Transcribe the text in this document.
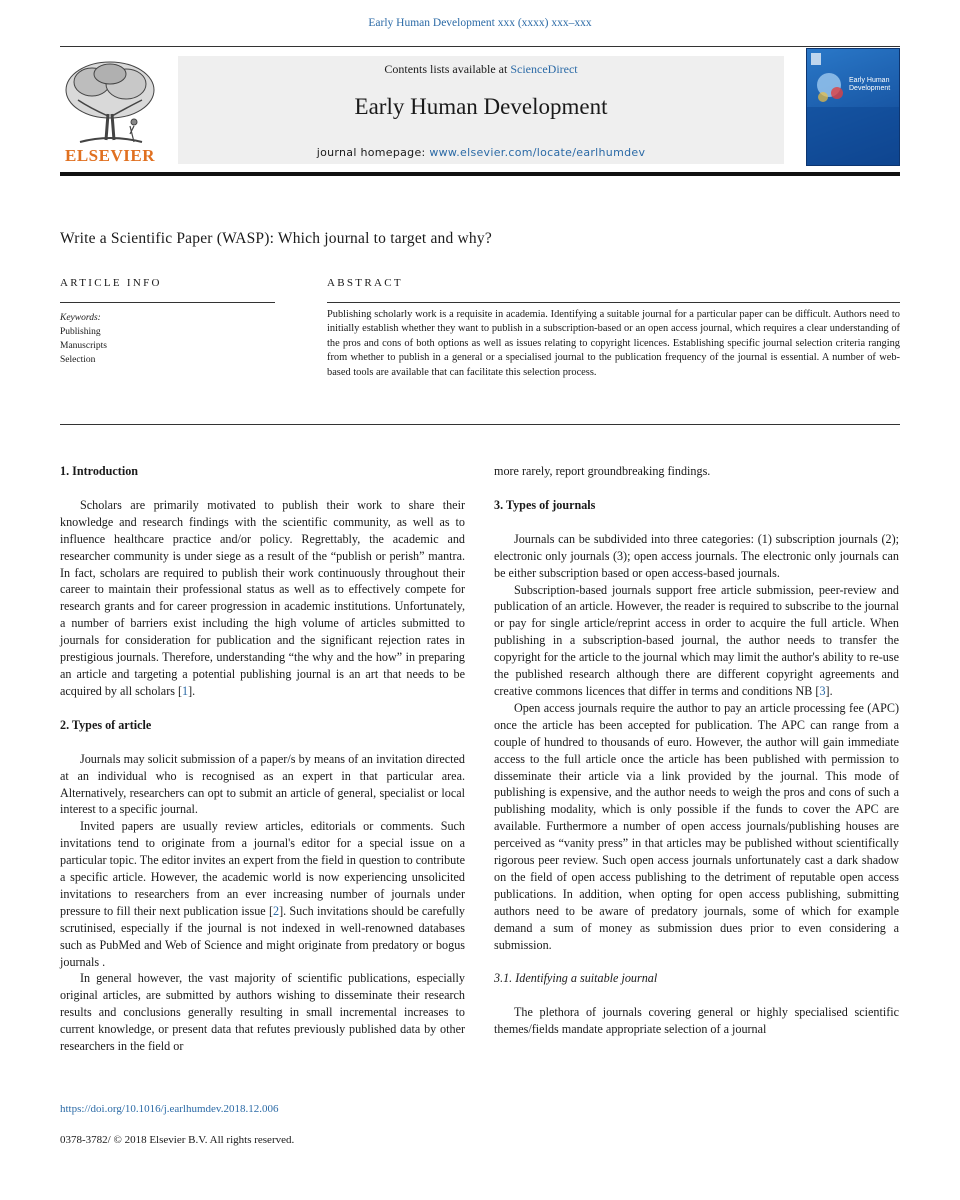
Early Human Development xxx (xxxx) xxx–xxx
ELSEVIER
Contents lists available at ScienceDirect
Early Human Development
journal homepage: www.elsevier.com/locate/earlhumdev
Early Human Development
Write a Scientific Paper (WASP): Which journal to target and why?
ARTICLE INFO	ABSTRACT
Keywords:
Publishing
Manuscripts
Selection
Publishing scholarly work is a requisite in academia. Identifying a suitable journal for a particular paper can be difficult. Authors need to initially establish whether they want to publish in a subscription-based or an open access journal, which requires a clear understanding of the pros and cons of both options as well as issues relating to copyright licences. Establishing specific journal selection criteria ranging from whether to publish in a general or a specialised journal to the publication frequency of the journal is essential. A number of web-based tools are available that can facilitate this selection process.
1. Introduction

Scholars are primarily motivated to publish their work to share their knowledge and research findings with the scientific community, as well as to influence healthcare practice and/or policy. Regrettably, the academic and researcher community is under siege as a result of the “publish or perish” mantra. In fact, scholars are required to publish their work continuously throughout their career to maintain their professional status as well as to effectively compete for research grants and for career progression in academic institutions. Unfortunately, a number of barriers exist including the high volume of articles submitted to journals for consideration for publication and the significant rejection rates in prestigious journals. Therefore, understanding “the why and the how” in preparing an article and targeting a potential publishing journal is an art that needs to be acquired by all scholars [1].

2. Types of article

Journals may solicit submission of a paper/s by means of an invitation directed at an individual who is recognised as an expert in that particular area. Alternatively, researchers can opt to submit an article of general, specialist or local interest to a specific journal.

Invited papers are usually review articles, editorials or comments. Such invitations tend to originate from a journal's editor for a special issue on a particular topic. The editor invites an expert from the field in question to contribute a specific article. However, the academic world is now experiencing unsolicited invitations to researchers from an ever increasing number of journals under pressure to fill their next publication issue [2]. Such invitations should be carefully scrutinised, especially if the journal is not indexed in well-renowned databases such as PubMed and Web of Science and might originate from predatory or bogus journals .

In general however, the vast majority of scientific publications, especially original articles, are submitted by authors wishing to disseminate their research results and conclusions generally resulting in small incremental increases to current knowledge, or present data that refutes previously published data by other researchers in the field or

more rarely, report groundbreaking findings.

3. Types of journals

Journals can be subdivided into three categories: (1) subscription journals (2); electronic only journals (3); open access journals. The electronic only journals can be either subscription based or open access-based journals.

Subscription-based journals support free article submission, peer-review and publication of an article. However, the reader is required to subscribe to the journal or pay for single article/reprint access in order to acquire the full article. When publishing in a subscription-based journal, the author needs to transfer the copyright for the article to the journal which may limit the author's ability to re-use the published research although there are different copyright agreements and creative commons licences that differ in terms and conditions NB [3].

Open access journals require the author to pay an article processing fee (APC) once the article has been accepted for publication. The APC can range from a couple of hundred to thousands of euro. However, the author will gain immediate access to the full article once the article has been published with permission to disseminate their article via a link provided by the journal. This mode of publishing is expensive, and the author needs to weigh the pros and cons of such a publishing modality, which is only possible if the funds to cover the APC are available. Furthermore a number of open access journals/publishing houses are perceived as “vanity press” in that articles may be published without scientifically rigorous peer review. Such open access journals unfortunately cast a dark shadow on the field of open access publishing to the detriment of reputable open access publications. In addition, when opting for open access publishing, submitting authors need to be aware of predatory journals, some of which for example demand a sum of money as submission dues prior to even considering a submission.

3.1. Identifying a suitable journal

The plethora of journals covering general or highly specialised scientific themes/fields mandate appropriate selection of a journal

https://doi.org/10.1016/j.earlhumdev.2018.12.006
0378-3782/ © 2018 Elsevier B.V. All rights reserved.
